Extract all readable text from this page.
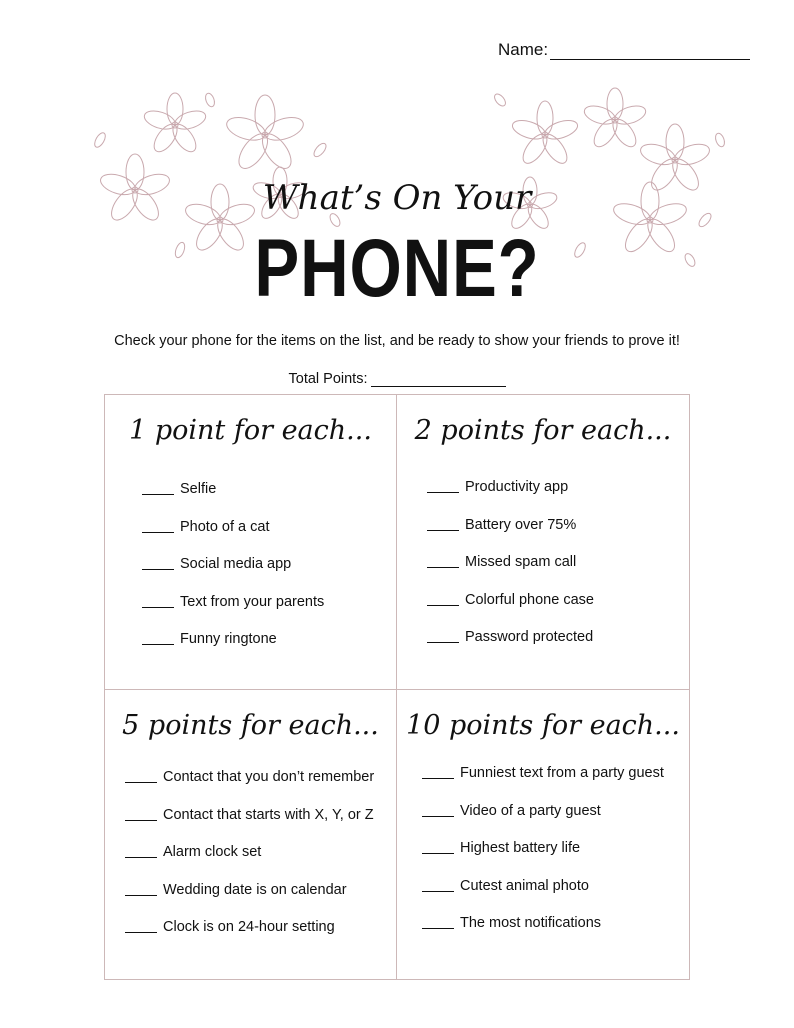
Name:
What’s On Your
PHONE?
Check your phone for the items on the list, and be ready to show your friends to prove it!
Total Points:
1 point for each...
Selfie
Photo of a cat
Social media app
Text from your parents
Funny ringtone
2 points for each...
Productivity app
Battery over 75%
Missed spam call
Colorful phone case
Password protected
5 points for each...
Contact that you don’t remember
Contact that starts with X, Y, or Z
Alarm clock set
Wedding date is on calendar
Clock is on 24-hour setting
10 points for each...
Funniest text from a party guest
Video of a party guest
Highest battery life
Cutest animal photo
The most notifications
